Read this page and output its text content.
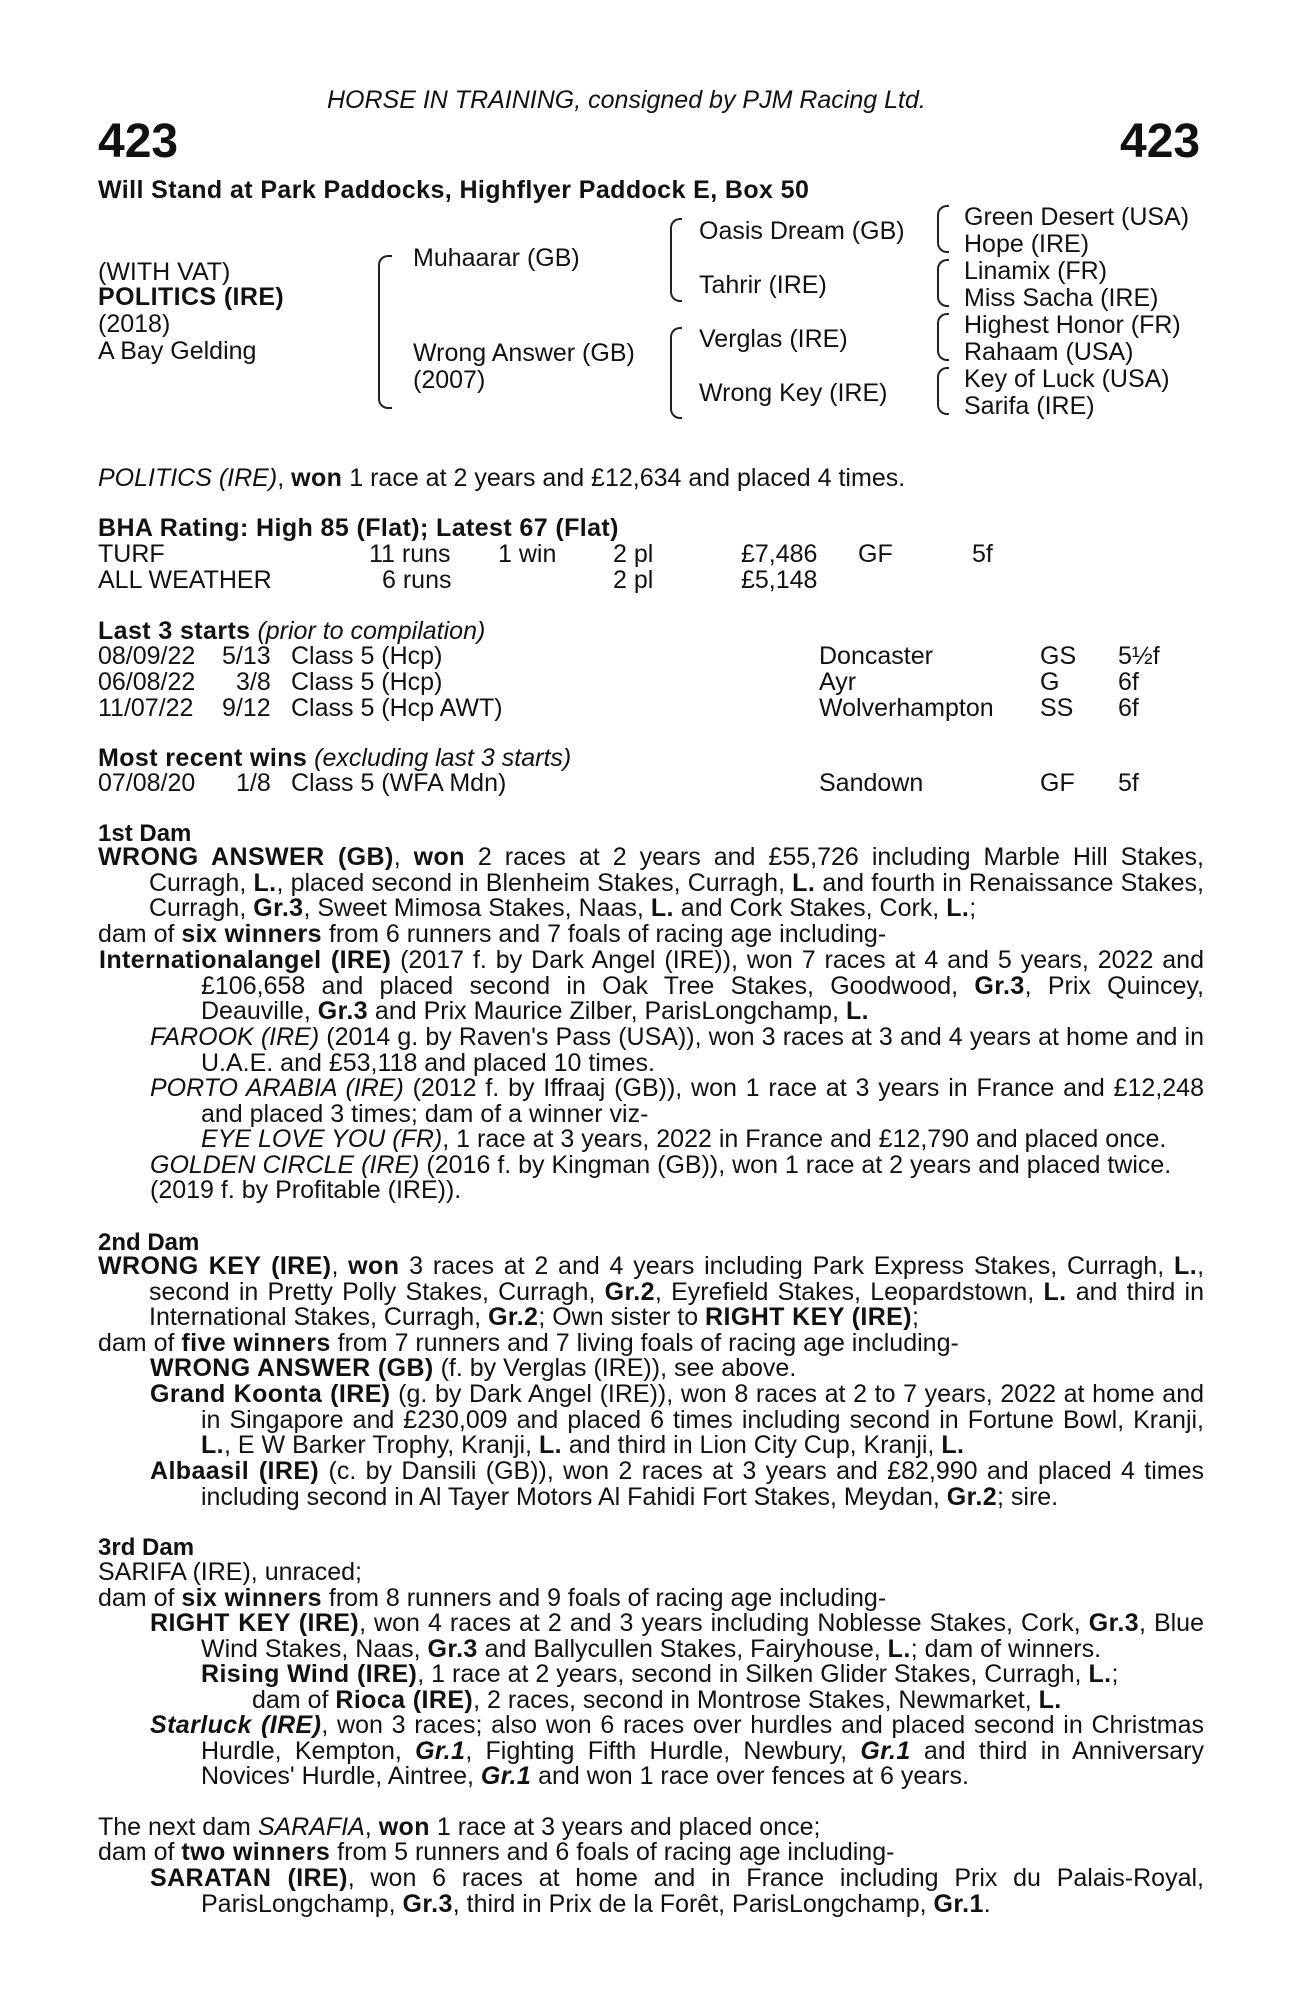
HORSE IN TRAINING, consigned by PJM Racing Ltd.
423	423
Will Stand at Park Paddocks, Highflyer Paddock E, Box 50
(WITH VAT)
POLITICS (IRE)
(2018)
A Bay Gelding
Muhaarar (GB)
Wrong Answer (GB)
(2007)
Oasis Dream (GB)
Tahrir (IRE)
Verglas (IRE)
Wrong Key (IRE)
Green Desert (USA)
Hope (IRE)
Linamix (FR)
Miss Sacha (IRE)
Highest Honor (FR)
Rahaam (USA)
Key of Luck (USA)
Sarifa (IRE)
POLITICS (IRE), won 1 race at 2 years and £12,634 and placed 4 times.
BHA Rating: High 85 (Flat); Latest 67 (Flat)
TURF	11 runs 1 win 2 pl	£7,486 GF	5f
ALL WEATHER	6 runs	2 pl	£5,148
Last 3 starts (prior to compilation)
08/09/22 5/13 Class 5 (Hcp)	Doncaster	GS 5½f
06/08/22 3/8 Class 5 (Hcp)	Ayr	G 6f
11/07/22 9/12 Class 5 (Hcp AWT)	Wolverhampton SS 6f
Most recent wins (excluding last 3 starts)
07/08/20 1/8 Class 5 (WFA Mdn)	Sandown	GF 5f
1st Dam
WRONG ANSWER (GB), won 2 races at 2 years and £55,726 including Marble Hill Stakes, Curragh, L., placed second in Blenheim Stakes, Curragh, L. and fourth in Renaissance Stakes, Curragh, Gr.3, Sweet Mimosa Stakes, Naas, L. and Cork Stakes, Cork, L.;
dam of six winners from 6 runners and 7 foals of racing age including-
Internationalangel (IRE) (2017 f. by Dark Angel (IRE)), won 7 races at 4 and 5 years, 2022 and £106,658 and placed second in Oak Tree Stakes, Goodwood, Gr.3, Prix Quincey, Deauville, Gr.3 and Prix Maurice Zilber, ParisLongchamp, L.
FAROOK (IRE) (2014 g. by Raven's Pass (USA)), won 3 races at 3 and 4 years at home and in U.A.E. and £53,118 and placed 10 times.
PORTO ARABIA (IRE) (2012 f. by Iffraaj (GB)), won 1 race at 3 years in France and £12,248 and placed 3 times; dam of a winner viz-
EYE LOVE YOU (FR), 1 race at 3 years, 2022 in France and £12,790 and placed once.
GOLDEN CIRCLE (IRE) (2016 f. by Kingman (GB)), won 1 race at 2 years and placed twice.
(2019 f. by Profitable (IRE)).
2nd Dam
WRONG KEY (IRE), won 3 races at 2 and 4 years including Park Express Stakes, Curragh, L., second in Pretty Polly Stakes, Curragh, Gr.2, Eyrefield Stakes, Leopardstown, L. and third in International Stakes, Curragh, Gr.2; Own sister to RIGHT KEY (IRE);
dam of five winners from 7 runners and 7 living foals of racing age including-
WRONG ANSWER (GB) (f. by Verglas (IRE)), see above.
Grand Koonta (IRE) (g. by Dark Angel (IRE)), won 8 races at 2 to 7 years, 2022 at home and in Singapore and £230,009 and placed 6 times including second in Fortune Bowl, Kranji, L., E W Barker Trophy, Kranji, L. and third in Lion City Cup, Kranji, L.
Albaasil (IRE) (c. by Dansili (GB)), won 2 races at 3 years and £82,990 and placed 4 times including second in Al Tayer Motors Al Fahidi Fort Stakes, Meydan, Gr.2; sire.
3rd Dam
SARIFA (IRE), unraced;
dam of six winners from 8 runners and 9 foals of racing age including-
RIGHT KEY (IRE), won 4 races at 2 and 3 years including Noblesse Stakes, Cork, Gr.3, Blue Wind Stakes, Naas, Gr.3 and Ballycullen Stakes, Fairyhouse, L.; dam of winners.
Rising Wind (IRE), 1 race at 2 years, second in Silken Glider Stakes, Curragh, L.;
dam of Rioca (IRE), 2 races, second in Montrose Stakes, Newmarket, L.
Starluck (IRE), won 3 races; also won 6 races over hurdles and placed second in Christmas Hurdle, Kempton, Gr.1, Fighting Fifth Hurdle, Newbury, Gr.1 and third in Anniversary Novices' Hurdle, Aintree, Gr.1 and won 1 race over fences at 6 years.
The next dam SARAFIA, won 1 race at 3 years and placed once;
dam of two winners from 5 runners and 6 foals of racing age including-
SARATAN (IRE), won 6 races at home and in France including Prix du Palais-Royal, ParisLongchamp, Gr.3, third in Prix de la Forêt, ParisLongchamp, Gr.1.
